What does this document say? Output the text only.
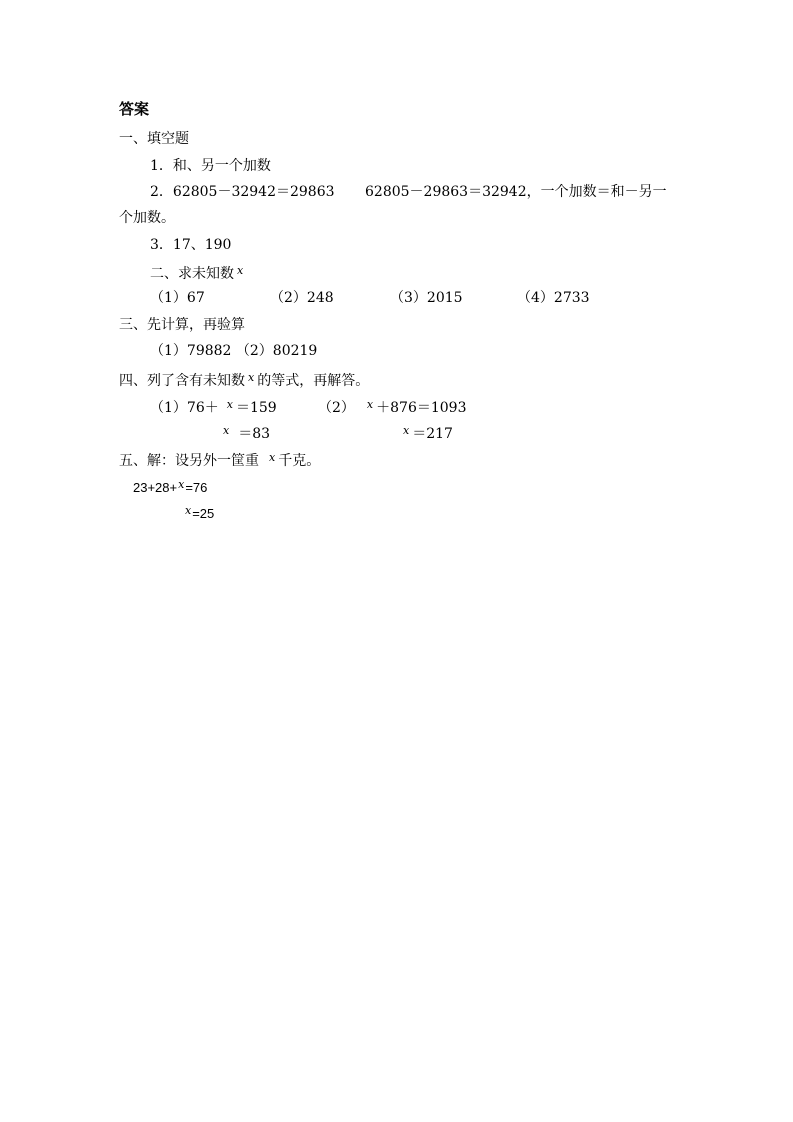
答案
一、填空题
1．和、另一个加数
2．62805－32942＝29863 62805－29863＝32942，一个加数＝和－另一
个加数。
3．17、190
二、求未知数 x
（1）67	（2）248	（3）2015	（4）2733
三、先计算，再验算
（1）79882 （2）80219
四、列了含有未知数 x 的等式，再解答。
（1）76＋ x ＝159	（2） x ＋876＝1093
x ＝83	x ＝217
五、解：设另外一筐重 x 千克。
23+28+x=76
x=25
